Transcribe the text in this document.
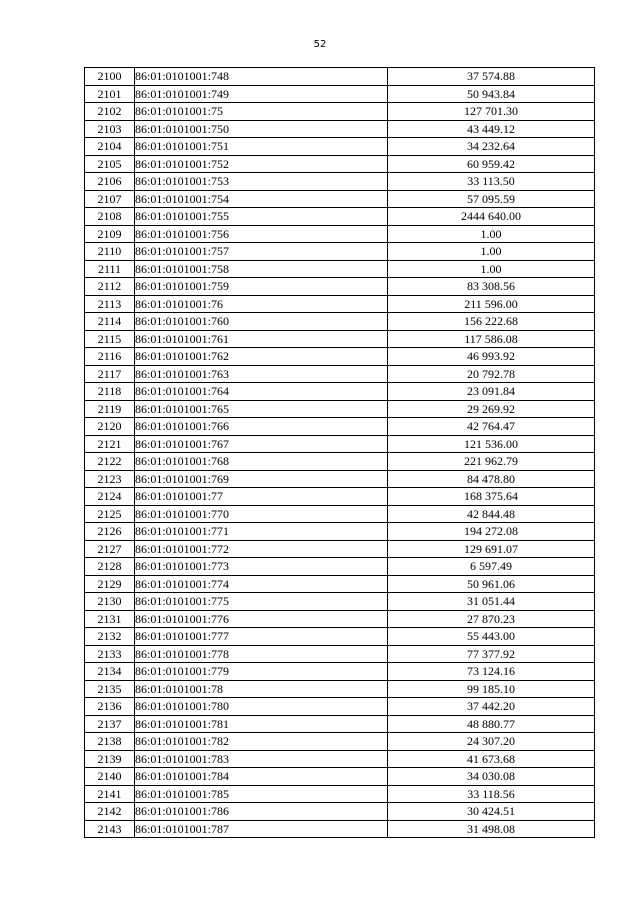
52
2100	86:01:0101001:748	37 574.88
2101	86:01:0101001:749	50 943.84
2102	86:01:0101001:75	127 701.30
2103	86:01:0101001:750	43 449.12
2104	86:01:0101001:751	34 232.64
2105	86:01:0101001:752	60 959.42
2106	86:01:0101001:753	33 113.50
2107	86:01:0101001:754	57 095.59
2108	86:01:0101001:755	2444 640.00
2109	86:01:0101001:756	1.00
2110	86:01:0101001:757	1.00
2111	86:01:0101001:758	1.00
2112	86:01:0101001:759	83 308.56
2113	86:01:0101001:76	211 596.00
2114	86:01:0101001:760	156 222.68
2115	86:01:0101001:761	117 586.08
2116	86:01:0101001:762	46 993.92
2117	86:01:0101001:763	20 792.78
2118	86:01:0101001:764	23 091.84
2119	86:01:0101001:765	29 269.92
2120	86:01:0101001:766	42 764.47
2121	86:01:0101001:767	121 536.00
2122	86:01:0101001:768	221 962.79
2123	86:01:0101001:769	84 478.80
2124	86:01:0101001:77	168 375.64
2125	86:01:0101001:770	42 844.48
2126	86:01:0101001:771	194 272.08
2127	86:01:0101001:772	129 691.07
2128	86:01:0101001:773	6 597.49
2129	86:01:0101001:774	50 961.06
2130	86:01:0101001:775	31 051.44
2131	86:01:0101001:776	27 870.23
2132	86:01:0101001:777	55 443.00
2133	86:01:0101001:778	77 377.92
2134	86:01:0101001:779	73 124.16
2135	86:01:0101001:78	99 185.10
2136	86:01:0101001:780	37 442.20
2137	86:01:0101001:781	48 880.77
2138	86:01:0101001:782	24 307.20
2139	86:01:0101001:783	41 673.68
2140	86:01:0101001:784	34 030.08
2141	86:01:0101001:785	33 118.56
2142	86:01:0101001:786	30 424.51
2143	86:01:0101001:787	31 498.08
